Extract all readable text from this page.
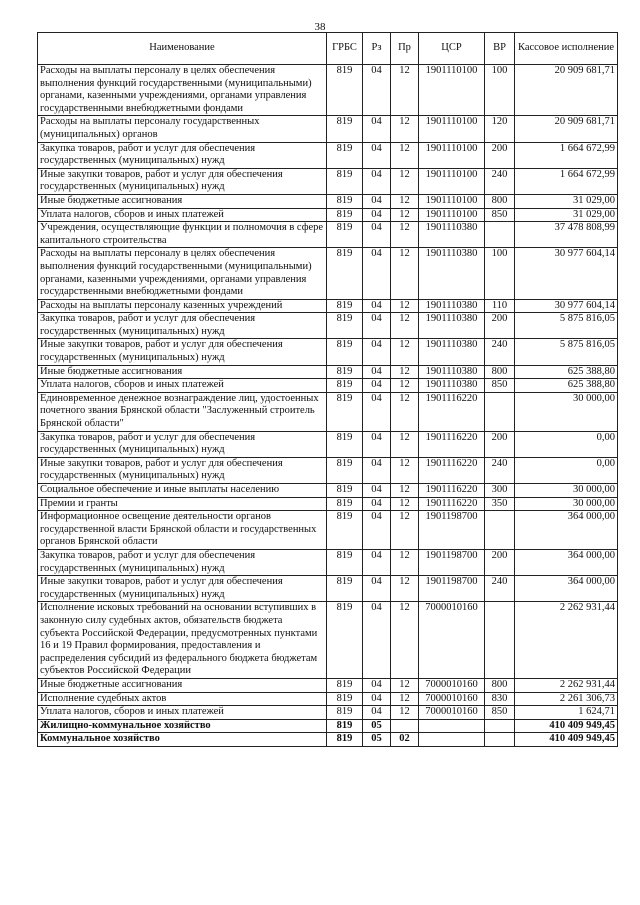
38
Наименование	ГРБС	Рз	Пр	ЦСР	ВР	Кассовое исполнение
Расходы на выплаты персоналу в целях обеспечения выполнения функций государственными (муниципальными) органами, казенными учреждениями, органами управления государственными внебюджетными фондами	819	04	12	1901110100	100	20 909 681,71
Расходы на выплаты персоналу государственных (муниципальных) органов	819	04	12	1901110100	120	20 909 681,71
Закупка товаров, работ и услуг для обеспечения государственных (муниципальных) нужд	819	04	12	1901110100	200	1 664 672,99
Иные закупки товаров, работ и услуг для обеспечения государственных (муниципальных) нужд	819	04	12	1901110100	240	1 664 672,99
Иные бюджетные ассигнования	819	04	12	1901110100	800	31 029,00
Уплата налогов, сборов и иных платежей	819	04	12	1901110100	850	31 029,00
Учреждения, осуществляющие функции и полномочия в сфере капитального строительства	819	04	12	1901110380		37 478 808,99
Расходы на выплаты персоналу в целях обеспечения выполнения функций государственными (муниципальными) органами, казенными учреждениями, органами управления государственными внебюджетными фондами	819	04	12	1901110380	100	30 977 604,14
Расходы на выплаты персоналу казенных учреждений	819	04	12	1901110380	110	30 977 604,14
Закупка товаров, работ и услуг для обеспечения государственных (муниципальных) нужд	819	04	12	1901110380	200	5 875 816,05
Иные закупки товаров, работ и услуг для обеспечения государственных (муниципальных) нужд	819	04	12	1901110380	240	5 875 816,05
Иные бюджетные ассигнования	819	04	12	1901110380	800	625 388,80
Уплата налогов, сборов и иных платежей	819	04	12	1901110380	850	625 388,80
Единовременное денежное вознаграждение лиц, удостоенных почетного звания Брянской области "Заслуженный строитель Брянской области"	819	04	12	1901116220		30 000,00
Закупка товаров, работ и услуг для обеспечения государственных (муниципальных) нужд	819	04	12	1901116220	200	0,00
Иные закупки товаров, работ и услуг для обеспечения государственных (муниципальных) нужд	819	04	12	1901116220	240	0,00
Социальное обеспечение и иные выплаты населению	819	04	12	1901116220	300	30 000,00
Премии и гранты	819	04	12	1901116220	350	30 000,00
Информационное освещение деятельности органов государственной власти Брянской области и государственных органов Брянской области	819	04	12	1901198700		364 000,00
Закупка товаров, работ и услуг для обеспечения государственных (муниципальных) нужд	819	04	12	1901198700	200	364 000,00
Иные закупки товаров, работ и услуг для обеспечения государственных (муниципальных) нужд	819	04	12	1901198700	240	364 000,00
Исполнение исковых требований на основании вступивших в законную силу судебных актов, обязательств бюджета субъекта Российской Федерации, предусмотренных пунктами 16 и 19 Правил формирования, предоставления и распределения субсидий из федерального бюджета бюджетам субъектов Российской Федерации	819	04	12	7000010160		2 262 931,44
Иные бюджетные ассигнования	819	04	12	7000010160	800	2 262 931,44
Исполнение судебных актов	819	04	12	7000010160	830	2 261 306,73
Уплата налогов, сборов и иных платежей	819	04	12	7000010160	850	1 624,71
Жилищно-коммунальное хозяйство	819	05				410 409 949,45
Коммунальное хозяйство	819	05	02			410 409 949,45
